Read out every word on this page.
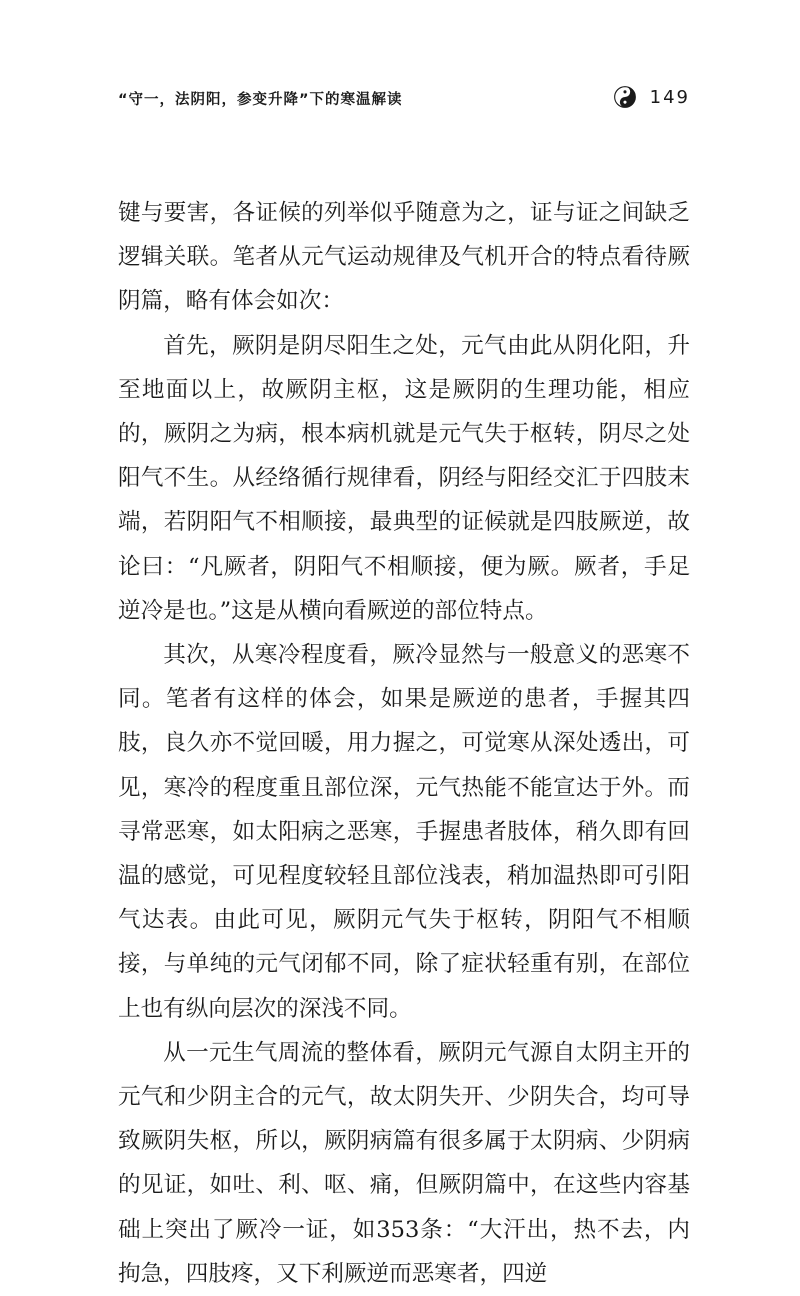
“守一，法阴阳，参变升降”下的寒温解读	149

键与要害，各证候的列举似乎随意为之，证与证之间缺乏逻辑关联。笔者从元气运动规律及气机开合的特点看待厥阴篇，略有体会如次：

首先，厥阴是阴尽阳生之处，元气由此从阴化阳，升至地面以上，故厥阴主枢，这是厥阴的生理功能，相应的，厥阴之为病，根本病机就是元气失于枢转，阴尽之处阳气不生。从经络循行规律看，阴经与阳经交汇于四肢末端，若阴阳气不相顺接，最典型的证候就是四肢厥逆，故论曰：“凡厥者，阴阳气不相顺接，便为厥。厥者，手足逆冷是也。”这是从横向看厥逆的部位特点。

其次，从寒冷程度看，厥冷显然与一般意义的恶寒不同。笔者有这样的体会，如果是厥逆的患者，手握其四肢，良久亦不觉回暖，用力握之，可觉寒从深处透出，可见，寒冷的程度重且部位深，元气热能不能宣达于外。而寻常恶寒，如太阳病之恶寒，手握患者肢体，稍久即有回温的感觉，可见程度较轻且部位浅表，稍加温热即可引阳气达表。由此可见，厥阴元气失于枢转，阴阳气不相顺接，与单纯的元气闭郁不同，除了症状轻重有别，在部位上也有纵向层次的深浅不同。

从一元生气周流的整体看，厥阴元气源自太阴主开的元气和少阴主合的元气，故太阴失开、少阴失合，均可导致厥阴失枢，所以，厥阴病篇有很多属于太阴病、少阴病的见证，如吐、利、呕、痛，但厥阴篇中，在这些内容基础上突出了厥冷一证，如353条：“大汗出，热不去，内拘急，四肢疼，又下利厥逆而恶寒者，四逆
